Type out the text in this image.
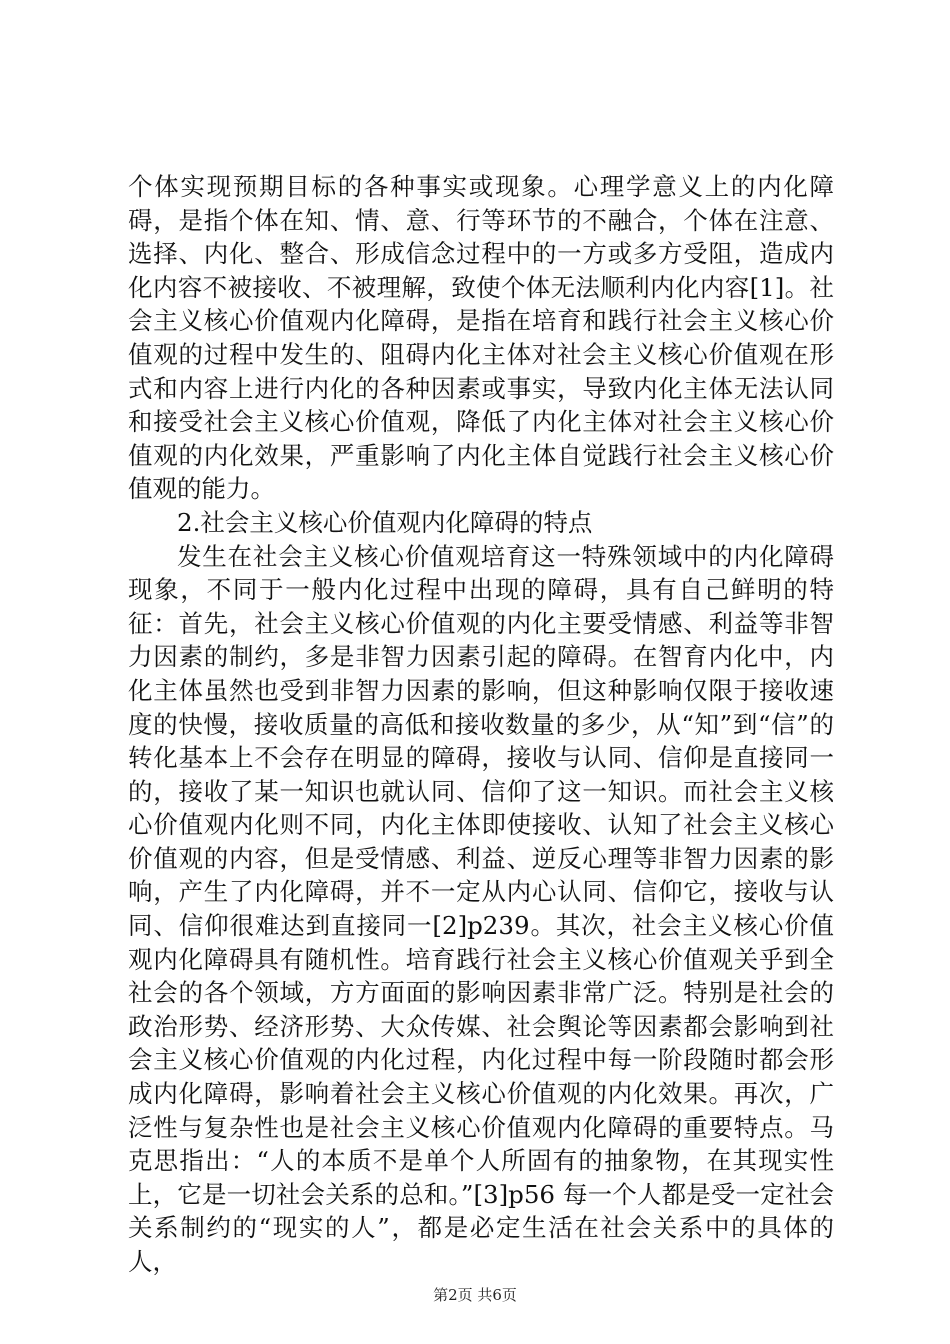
个体实现预期目标的各种事实或现象。心理学意义上的内化障碍，是指个体在知、情、意、行等环节的不融合，个体在注意、选择、内化、整合、形成信念过程中的一方或多方受阻，造成内化内容不被接收、不被理解，致使个体无法顺利内化内容[1]。社会主义核心价值观内化障碍，是指在培育和践行社会主义核心价值观的过程中发生的、阻碍内化主体对社会主义核心价值观在形式和内容上进行内化的各种因素或事实，导致内化主体无法认同和接受社会主义核心价值观，降低了内化主体对社会主义核心价值观的内化效果，严重影响了内化主体自觉践行社会主义核心价值观的能力。

2.社会主义核心价值观内化障碍的特点

发生在社会主义核心价值观培育这一特殊领域中的内化障碍现象，不同于一般内化过程中出现的障碍，具有自己鲜明的特征：首先，社会主义核心价值观的内化主要受情感、利益等非智力因素的制约，多是非智力因素引起的障碍。在智育内化中，内化主体虽然也受到非智力因素的影响，但这种影响仅限于接收速度的快慢，接收质量的高低和接收数量的多少，从“知”到“信”的转化基本上不会存在明显的障碍，接收与认同、信仰是直接同一的，接收了某一知识也就认同、信仰了这一知识。而社会主义核心价值观内化则不同，内化主体即使接收、认知了社会主义核心价值观的内容，但是受情感、利益、逆反心理等非智力因素的影响，产生了内化障碍，并不一定从内心认同、信仰它，接收与认同、信仰很难达到直接同一[2]p239。其次，社会主义核心价值观内化障碍具有随机性。培育践行社会主义核心价值观关乎到全社会的各个领域，方方面面的影响因素非常广泛。特别是社会的政治形势、经济形势、大众传媒、社会舆论等因素都会影响到社会主义核心价值观的内化过程，内化过程中每一阶段随时都会形成内化障碍，影响着社会主义核心价值观的内化效果。再次，广泛性与复杂性也是社会主义核心价值观内化障碍的重要特点。马克思指出：“人的本质不是单个人所固有的抽象物，在其现实性上，它是一切社会关系的总和。”[3]p56 每一个人都是受一定社会关系制约的“现实的人”，都是必定生活在社会关系中的具体的人，

第2页 共6页
